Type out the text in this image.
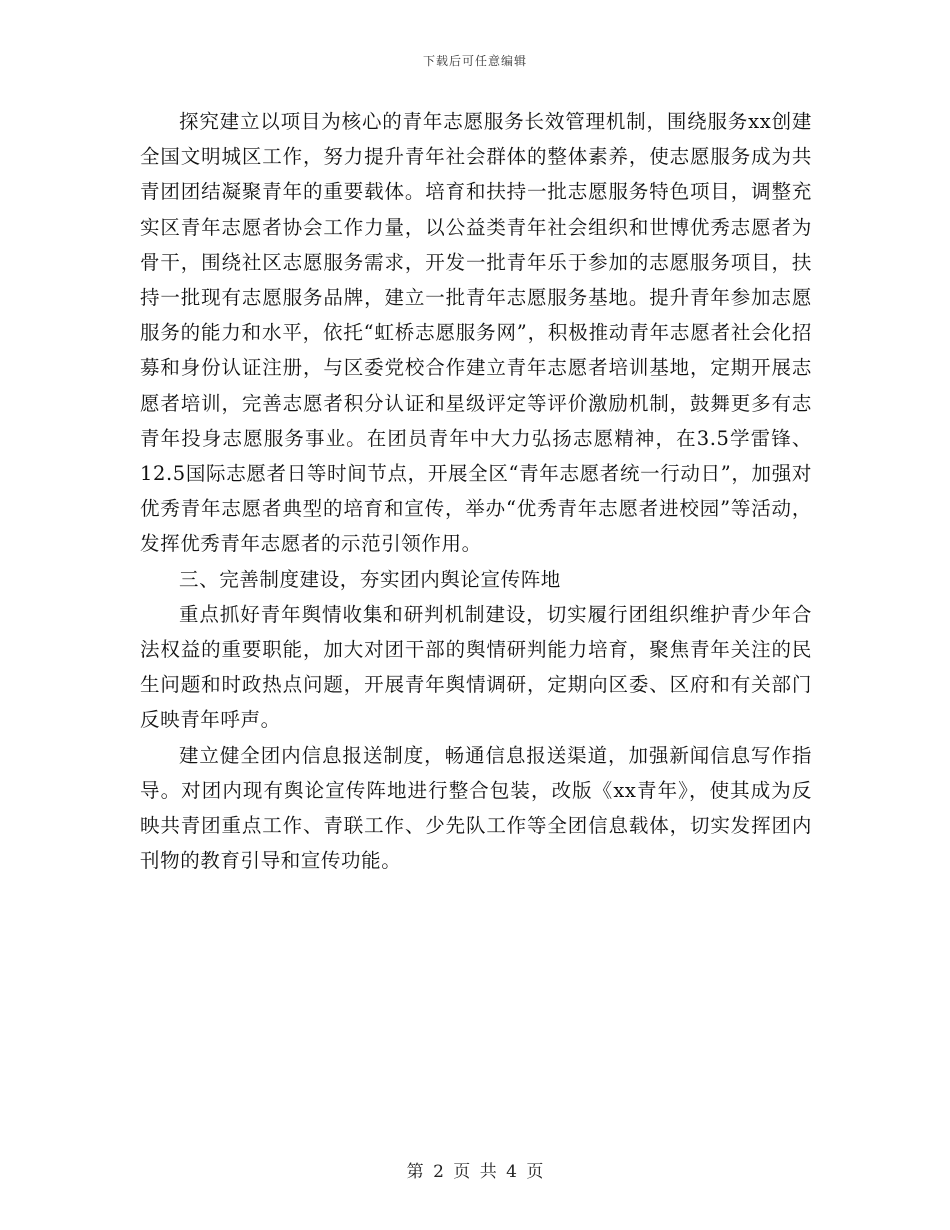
下载后可任意编辑

探究建立以项目为核心的青年志愿服务长效管理机制，围绕服务xx创建全国文明城区工作，努力提升青年社会群体的整体素养，使志愿服务成为共青团团结凝聚青年的重要载体。培育和扶持一批志愿服务特色项目，调整充实区青年志愿者协会工作力量，以公益类青年社会组织和世博优秀志愿者为骨干，围绕社区志愿服务需求，开发一批青年乐于参加的志愿服务项目，扶持一批现有志愿服务品牌，建立一批青年志愿服务基地。提升青年参加志愿服务的能力和水平，依托“虹桥志愿服务网”，积极推动青年志愿者社会化招募和身份认证注册，与区委党校合作建立青年志愿者培训基地，定期开展志愿者培训，完善志愿者积分认证和星级评定等评价激励机制，鼓舞更多有志青年投身志愿服务事业。在团员青年中大力弘扬志愿精神，在3.5学雷锋、12.5国际志愿者日等时间节点，开展全区“青年志愿者统一行动日”，加强对优秀青年志愿者典型的培育和宣传，举办“优秀青年志愿者进校园”等活动，发挥优秀青年志愿者的示范引领作用。

三、完善制度建设，夯实团内舆论宣传阵地

重点抓好青年舆情收集和研判机制建设，切实履行团组织维护青少年合法权益的重要职能，加大对团干部的舆情研判能力培育，聚焦青年关注的民生问题和时政热点问题，开展青年舆情调研，定期向区委、区府和有关部门反映青年呼声。

建立健全团内信息报送制度，畅通信息报送渠道，加强新闻信息写作指导。对团内现有舆论宣传阵地进行整合包装，改版《xx青年》，使其成为反映共青团重点工作、青联工作、少先队工作等全团信息载体，切实发挥团内刊物的教育引导和宣传功能。

第 2 页 共 4 页
